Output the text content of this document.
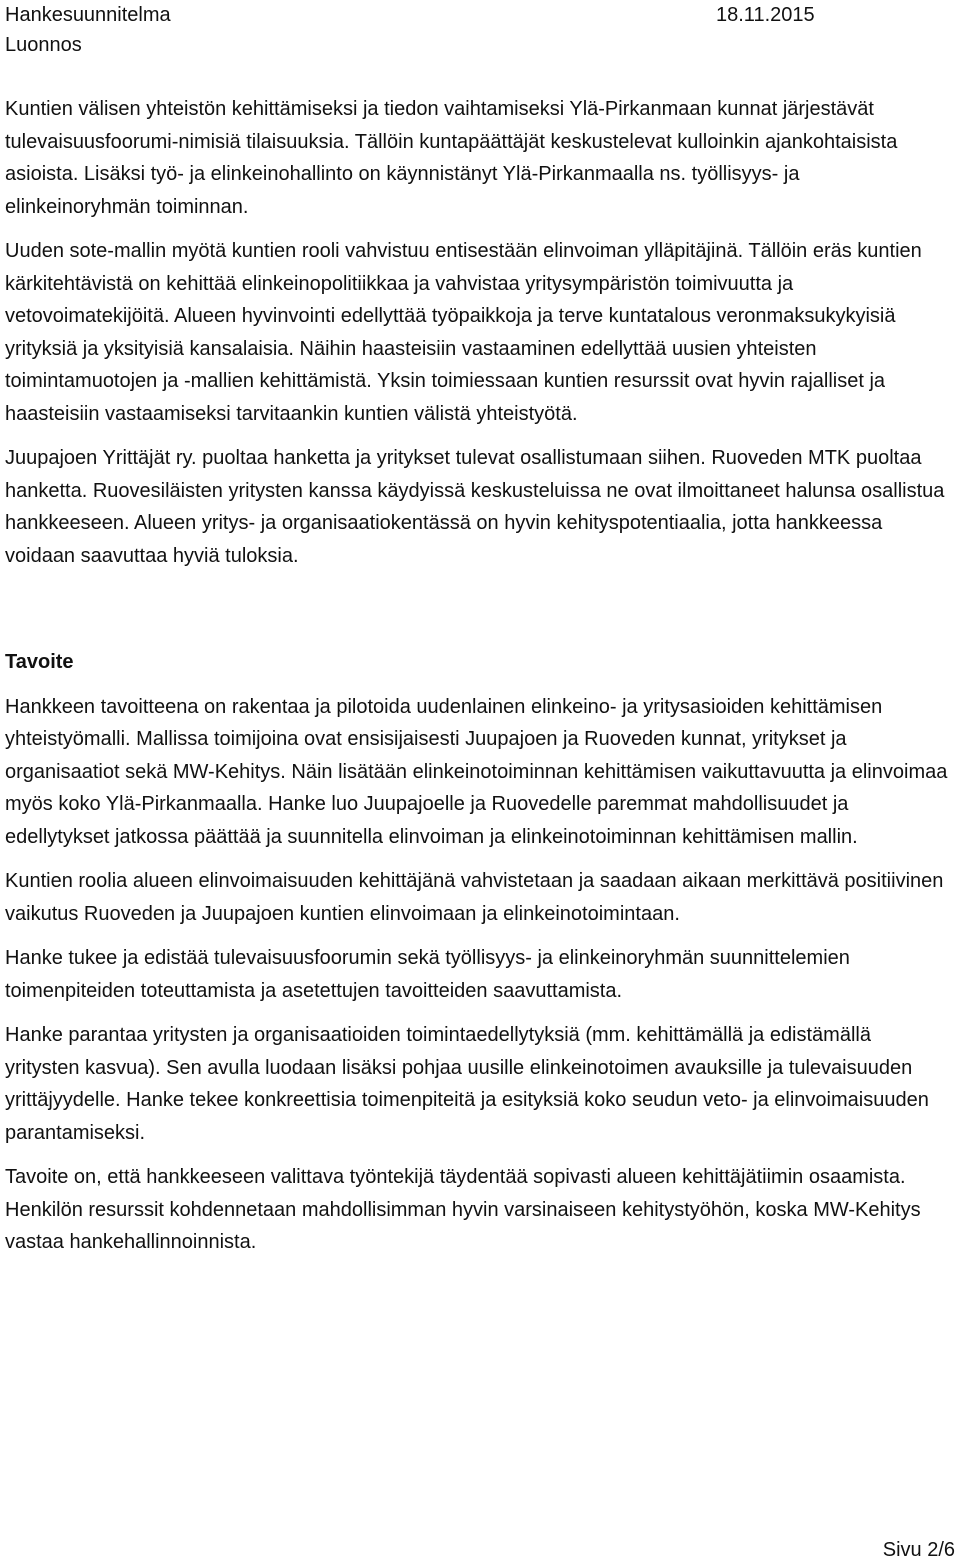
Hankesuunnitelma	18.11.2015
Luonnos

Kuntien välisen yhteistön kehittämiseksi ja tiedon vaihtamiseksi Ylä-Pirkanmaan kunnat järjestävät tulevaisuusfoorumi-nimisiä tilaisuuksia. Tällöin kuntapäättäjät keskustelevat kulloinkin ajankohtaisista asioista. Lisäksi työ- ja elinkeinohallinto on käynnistänyt Ylä-Pirkanmaalla ns. työllisyys- ja elinkeinoryhmän toiminnan.

Uuden sote-mallin myötä kuntien rooli vahvistuu entisestään elinvoiman ylläpitäjinä. Tällöin eräs kuntien kärkitehtävistä on kehittää elinkeinopolitiikkaa ja vahvistaa yritysympäristön toimivuutta ja vetovoimatekijöitä. Alueen hyvinvointi edellyttää työpaikkoja ja terve kuntatalous veronmaksukykyisiä yrityksiä ja yksityisiä kansalaisia. Näihin haasteisiin vastaaminen edellyttää uusien yhteisten toimintamuotojen ja -mallien kehittämistä. Yksin toimiessaan kuntien resurssit ovat hyvin rajalliset ja haasteisiin vastaamiseksi tarvitaankin kuntien välistä yhteistyötä.

Juupajoen Yrittäjät ry. puoltaa hanketta ja yritykset tulevat osallistumaan siihen. Ruoveden MTK puoltaa hanketta. Ruovesiläisten yritysten kanssa käydyissä keskusteluissa ne ovat ilmoittaneet halunsa osallistua hankkeeseen. Alueen yritys- ja organisaatiokentässä on hyvin kehityspotentiaalia, jotta hankkeessa voidaan saavuttaa hyviä tuloksia.

Tavoite

Hankkeen tavoitteena on rakentaa ja pilotoida uudenlainen elinkeino- ja yritysasioiden kehittämisen yhteistyömalli. Mallissa toimijoina ovat ensisijaisesti Juupajoen ja Ruoveden kunnat, yritykset ja organisaatiot sekä MW-Kehitys. Näin lisätään elinkeinotoiminnan kehittämisen vaikuttavuutta ja elinvoimaa myös koko Ylä-Pirkanmaalla. Hanke luo Juupajoelle ja Ruovedelle paremmat mahdollisuudet ja edellytykset jatkossa päättää ja suunnitella elinvoiman ja elinkeinotoiminnan kehittämisen mallin.

Kuntien roolia alueen elinvoimaisuuden kehittäjänä vahvistetaan ja saadaan aikaan merkittävä positiivinen vaikutus Ruoveden ja Juupajoen kuntien elinvoimaan ja elinkeinotoimintaan.

Hanke tukee ja edistää tulevaisuusfoorumin sekä työllisyys- ja elinkeinoryhmän suunnittelemien toimenpiteiden toteuttamista ja asetettujen tavoitteiden saavuttamista.

Hanke parantaa yritysten ja organisaatioiden toimintaedellytyksiä (mm. kehittämällä ja edistämällä yritysten kasvua). Sen avulla luodaan lisäksi pohjaa uusille elinkeinotoimen avauksille ja tulevaisuuden yrittäjyydelle. Hanke tekee konkreettisia toimenpiteitä ja esityksiä koko seudun veto- ja elinvoimaisuuden parantamiseksi.

Tavoite on, että hankkeeseen valittava työntekijä täydentää sopivasti alueen kehittäjätiimin osaamista. Henkilön resurssit kohdennetaan mahdollisimman hyvin varsinaiseen kehitystyöhön, koska MW-Kehitys vastaa hankehallinnoinnista.

Sivu 2/6
